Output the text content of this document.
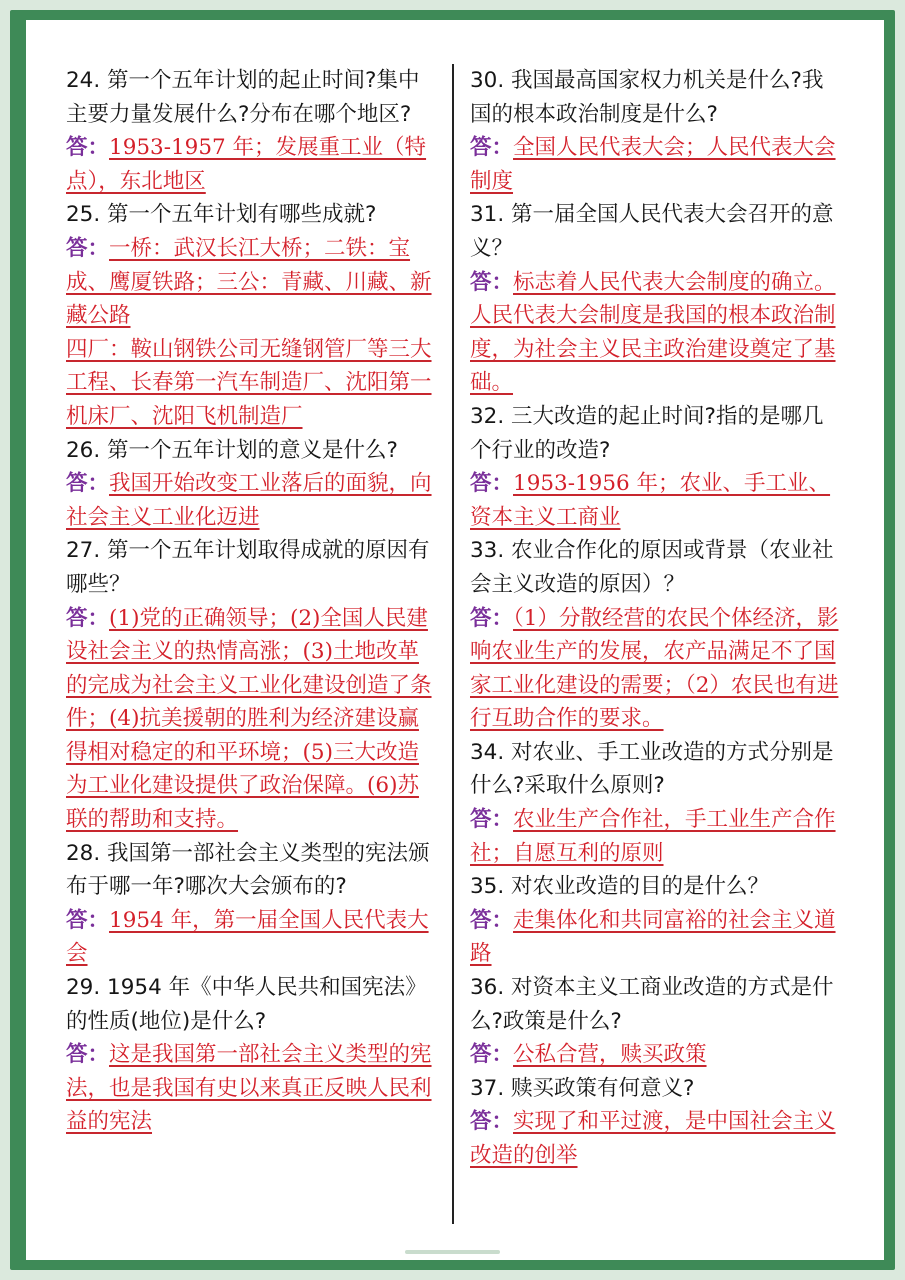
24. 第一个五年计划的起止时间?集中主要力量发展什么?分布在哪个地区?

答：1953-1957 年；发展重工业（特点），东北地区

25. 第一个五年计划有哪些成就?

答：一桥：武汉长江大桥；二铁：宝成、鹰厦铁路；三公：青藏、川藏、新藏公路
四厂：鞍山钢铁公司无缝钢管厂等三大工程、长春第一汽车制造厂、沈阳第一机床厂、沈阳飞机制造厂

26. 第一个五年计划的意义是什么?

答：我国开始改变工业落后的面貌，向社会主义工业化迈进

27. 第一个五年计划取得成就的原因有哪些？

答：(1)党的正确领导；(2)全国人民建设社会主义的热情高涨；(3)土地改革的完成为社会主义工业化建设创造了条件；(4)抗美援朝的胜利为经济建设赢得相对稳定的和平环境；(5)三大改造为工业化建设提供了政治保障。(6)苏联的帮助和支持。

28. 我国第一部社会主义类型的宪法颁布于哪一年?哪次大会颁布的?

答：1954 年，第一届全国人民代表大会

29. 1954 年《中华人民共和国宪法》的性质(地位)是什么?

答：这是我国第一部社会主义类型的宪法，也是我国有史以来真正反映人民利益的宪法

30. 我国最高国家权力机关是什么?我国的根本政治制度是什么?

答：全国人民代表大会；人民代表大会制度

31. 第一届全国人民代表大会召开的意义？

答：标志着人民代表大会制度的确立。人民代表大会制度是我国的根本政治制度，为社会主义民主政治建设奠定了基础。

32. 三大改造的起止时间?指的是哪几个行业的改造?

答：1953-1956 年；农业、手工业、资本主义工商业

33. 农业合作化的原因或背景（农业社会主义改造的原因）？

答：（1）分散经营的农民个体经济，影响农业生产的发展，农产品满足不了国家工业化建设的需要；（2）农民也有进行互助合作的要求。

34. 对农业、手工业改造的方式分别是什么?采取什么原则?

答：农业生产合作社，手工业生产合作社；自愿互利的原则

35. 对农业改造的目的是什么？

答：走集体化和共同富裕的社会主义道路

36. 对资本主义工商业改造的方式是什么?政策是什么?

答：公私合营，赎买政策

37. 赎买政策有何意义?

答：实现了和平过渡，是中国社会主义改造的创举
